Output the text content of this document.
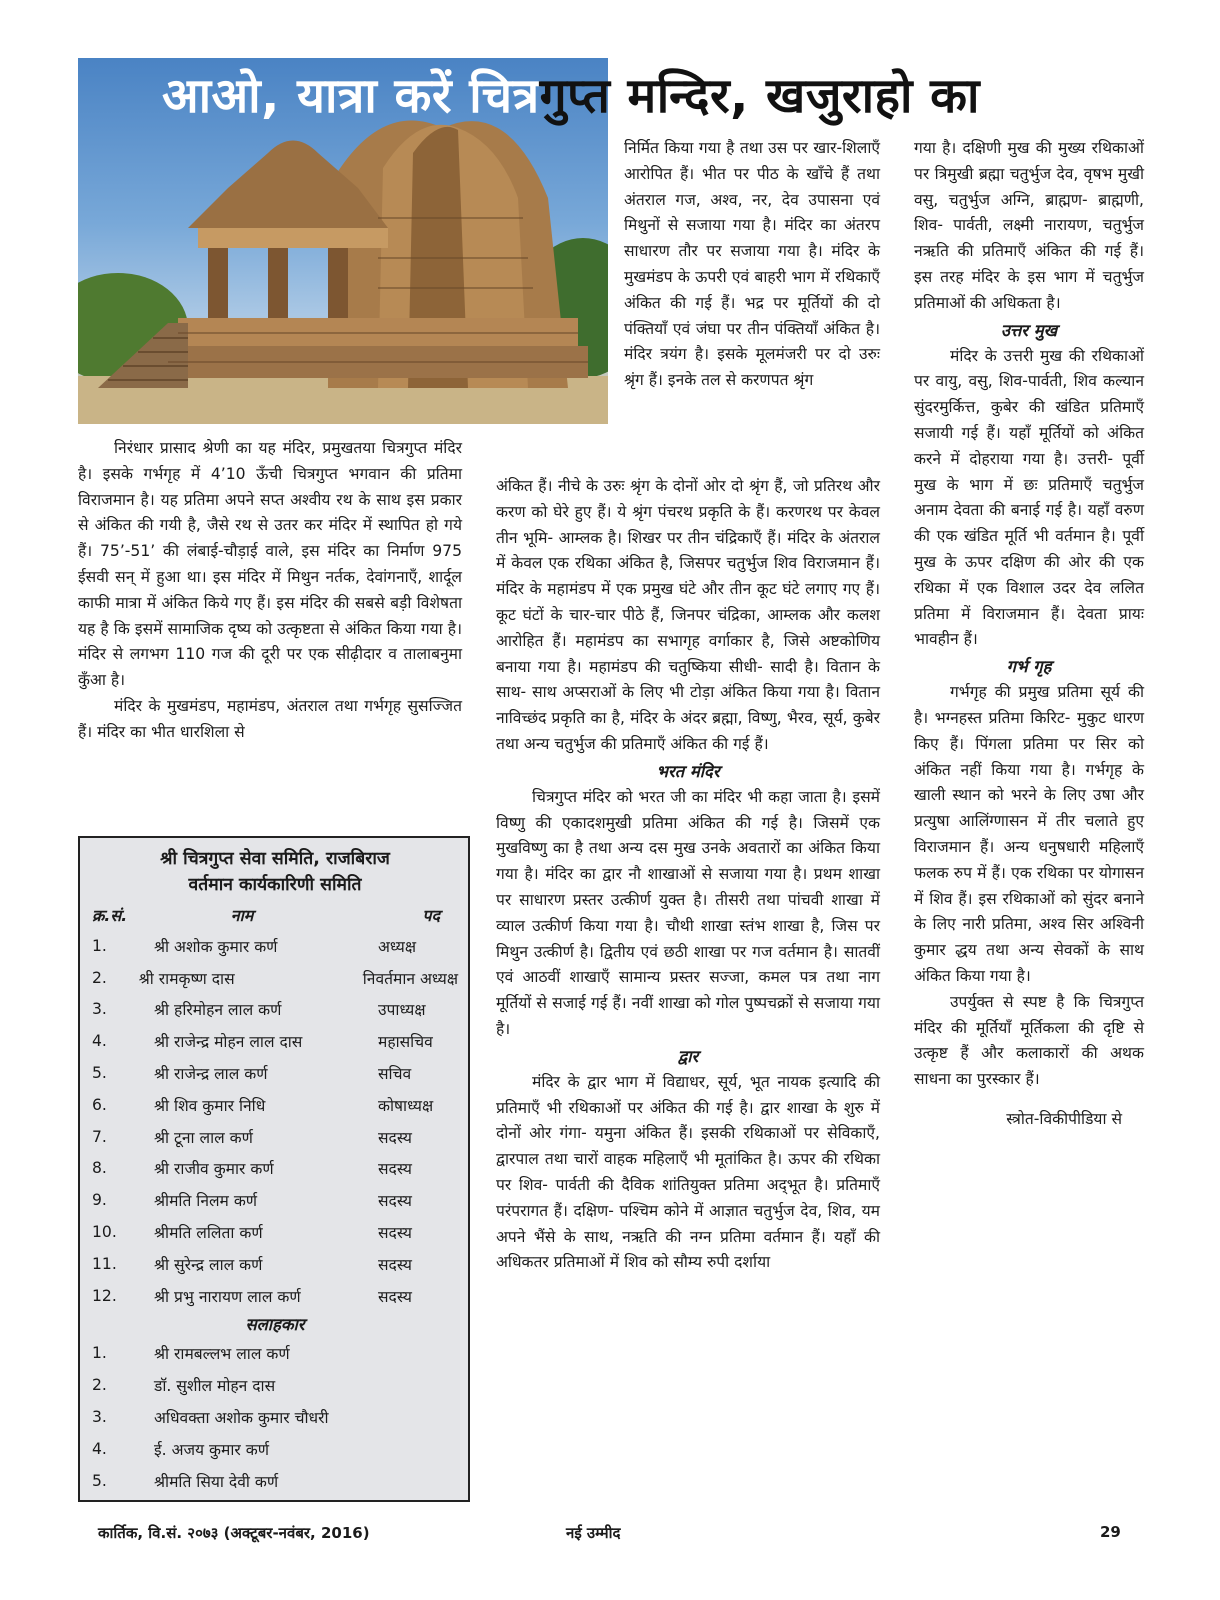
आओ, यात्रा करें चित्रगुप्त मन्दिर, खजुराहो का

निरंधार प्रासाद श्रेणी का यह मंदिर, प्रमुखतया चित्रगुप्त मंदिर है। इसके गर्भगृह में 4’10 ऊँची चित्रगुप्त भगवान की प्रतिमा विराजमान है। यह प्रतिमा अपने सप्त अश्वीय रथ के साथ इस प्रकार से अंकित की गयी है, जैसे रथ से उतर कर मंदिर में स्थापित हो गये हैं। 75’-51’ की लंबाई-चौड़ाई वाले, इस मंदिर का निर्माण 975 ईसवी सन्‌ में हुआ था। इस मंदिर में मिथुन नर्तक, देवांगनाएँ, शार्दूल काफी मात्रा में अंकित किये गए हैं। इस मंदिर की सबसे बड़ी विशेषता यह है कि इसमें सामाजिक दृष्य को उत्कृष्टता से अंकित किया गया है। मंदिर से लगभग 110 गज की दूरी पर एक सीढ़ीदार व तालाबनुमा कुँआ है।

मंदिर के मुखमंडप, महामंडप, अंतराल तथा गर्भगृह सुसज्जित हैं। मंदिर का भीत धारशिला से

निर्मित किया गया है तथा उस पर खार-शिलाएँ आरोपित हैं। भीत पर पीठ के खाँचे हैं तथा अंतराल गज, अश्व, नर, देव उपासना एवं मिथुनों से सजाया गया है। मंदिर का अंतरप साधारण तौर पर सजाया गया है। मंदिर के मुखमंडप के ऊपरी एवं बाहरी भाग में रथिकाएँ अंकित की गई हैं। भद्र पर मूर्तियों की दो पंक्तियाँ एवं जंघा पर तीन पंक्तियाँ अंकित है। मंदिर त्रयंग है। इसके मूलमंजरी पर दो उरुः श्रृंग हैं। इनके तल से करणपत श्रृंग

अंकित हैं। नीचे के उरुः श्रृंग के दोनों ओर दो श्रृंग हैं, जो प्रतिरथ और करण को घेरे हुए हैं। ये श्रृंग पंचरथ प्रकृति के हैं। करणरथ पर केवल तीन भूमि- आम्लक है। शिखर पर तीन चंद्रिकाएँ हैं। मंदिर के अंतराल में केवल एक रथिका अंकित है, जिसपर चतुर्भुज शिव विराजमान हैं। मंदिर के महामंडप में एक प्रमुख घंटे और तीन कूट घंटे लगाए गए हैं। कूट घंटों के चार-चार पीठे हैं, जिनपर चंद्रिका, आम्लक और कलश आरोहित हैं। महामंडप का सभागृह वर्गाकार है, जिसे अष्टकोणिय बनाया गया है। महामंडप की चतुष्किया सीधी- सादी है। वितान के साथ- साथ अप्सराओं के लिए भी टोड़ा अंकित किया गया है। वितान नाविच्छंद प्रकृति का है, मंदिर के अंदर ब्रह्मा, विष्णु, भैरव, सूर्य, कुबेर तथा अन्य चतुर्भुज की प्रतिमाएँ अंकित की गई हैं।

भरत मंदिर

चित्रगुप्त मंदिर को भरत जी का मंदिर भी कहा जाता है। इसमें विष्णु की एकादशमुखी प्रतिमा अंकित की गई है। जिसमें एक मुखविष्णु का है तथा अन्य दस मुख उनके अवतारों का अंकित किया गया है। मंदिर का द्वार नौ शाखाओं से सजाया गया है। प्रथम शाखा पर साधारण प्रस्तर उत्कीर्ण युक्त है। तीसरी तथा पांचवी शाखा में व्याल उत्कीर्ण किया गया है। चौथी शाखा स्तंभ शाखा है, जिस पर मिथुन उत्कीर्ण है। द्वितीय एवं छठी शाखा पर गज वर्तमान है। सातवीं एवं आठवीं शाखाएँ सामान्य प्रस्तर सज्जा, कमल पत्र तथा नाग मूर्तियों से सजाई गई हैं। नवीं शाखा को गोल पुष्पचक्रों से सजाया गया है।

द्वार

मंदिर के द्वार भाग में विद्याधर, सूर्य, भूत नायक इत्यादि की प्रतिमाएँ भी रथिकाओं पर अंकित की गई है। द्वार शाखा के शुरु में दोनों ओर गंगा- यमुना अंकित हैं। इसकी रथिकाओं पर सेविकाएँ, द्वारपाल तथा चारों वाहक महिलाएँ भी मूतांकित है। ऊपर की रथिका पर शिव- पार्वती की दैविक शांतियुक्त प्रतिमा अद्‌भूत है। प्रतिमाएँ परंपरागत हैं। दक्षिण- पश्चिम कोने में आज्ञात चतुर्भुज देव, शिव, यम अपने भैंसे के साथ, नऋति की नग्न प्रतिमा वर्तमान हैं। यहाँ की अधिकतर प्रतिमाओं में शिव को सौम्य रुपी दर्शाया

गया है। दक्षिणी मुख की मुख्य रथिकाओं पर त्रिमुखी ब्रह्मा चतुर्भुज देव, वृषभ मुखी वसु, चतुर्भुज अग्नि, ब्राह्मण- ब्राह्मणी, शिव- पार्वती, लक्ष्मी नारायण, चतुर्भुज नऋति की प्रतिमाएँ अंकित की गई हैं। इस तरह मंदिर के इस भाग में चतुर्भुज प्रतिमाओं की अधिकता है।

उत्तर मुख

मंदिर के उत्तरी मुख की रथिकाओं पर वायु, वसु, शिव-पार्वती, शिव कल्यान सुंदरमुर्कित्त, कुबेर की खंडित प्रतिमाएँ सजायी गई हैं। यहाँ मूर्तियों को अंकित करने में दोहराया गया है। उत्तरी- पूर्वी मुख के भाग में छः प्रतिमाएँ चतुर्भुज अनाम देवता की बनाई गई है। यहाँ वरुण की एक खंडित मूर्ति भी वर्तमान है। पूर्वी मुख के ऊपर दक्षिण की ओर की एक रथिका में एक विशाल उदर देव ललित प्रतिमा में विराजमान हैं। देवता प्रायः भावहीन हैं।

गर्भ गृह

गर्भगृह की प्रमुख प्रतिमा सूर्य की है। भग्नहस्त प्रतिमा किरिट- मुकुट धारण किए हैं। पिंगला प्रतिमा पर सिर को अंकित नहीं किया गया है। गर्भगृह के खाली स्थान को भरने के लिए उषा और प्रत्युषा आलिंग्णासन में तीर चलाते हुए विराजमान हैं। अन्य धनुषधारी महिलाएँ फलक रुप में हैं। एक रथिका पर योगासन में शिव हैं। इस रथिकाओं को सुंदर बनाने के लिए नारी प्रतिमा, अश्व सिर अश्विनी कुमार द्धय तथा अन्य सेवकों के साथ अंकित किया गया है।

उपर्युक्त से स्पष्ट है कि चित्रगुप्त मंदिर की मूर्तियाँ मूर्तिकला की दृष्टि से उत्कृष्ट हैं और कलाकारों की अथक साधना का पुरस्कार हैं।

स्त्रोत-विकीपीडिया से

श्री चित्रगुप्त सेवा समिति, राजबिराज
वर्तमान कार्यकारिणी समिति
क्र.सं.	नाम	पद
1.	श्री अशोक कुमार कर्ण	अध्यक्ष
2.	श्री रामकृष्ण दास	निवर्तमान अध्यक्ष
3.	श्री हरिमोहन लाल कर्ण	उपाध्यक्ष
4.	श्री राजेन्द्र मोहन लाल दास	महासचिव
5.	श्री राजेन्द्र लाल कर्ण	सचिव
6.	श्री शिव कुमार निधि	कोषाध्यक्ष
7.	श्री टूना लाल कर्ण	सदस्य
8.	श्री राजीव कुमार कर्ण	सदस्य
9.	श्रीमति निलम कर्ण	सदस्य
10.	श्रीमति ललिता कर्ण	सदस्य
11.	श्री सुरेन्द्र लाल कर्ण	सदस्य
12.	श्री प्रभु नारायण लाल कर्ण	सदस्य
सलाहकार
1.	श्री रामबल्लभ लाल कर्ण
2.	डॉ. सुशील मोहन दास
3.	अधिवक्ता अशोक कुमार चौधरी
4.	ई. अजय कुमार कर्ण
5.	श्रीमति सिया देवी कर्ण
कार्तिक, वि.सं. २०७३ (अक्टूबर-नवंबर, 2016)	नई उम्मीद	29
